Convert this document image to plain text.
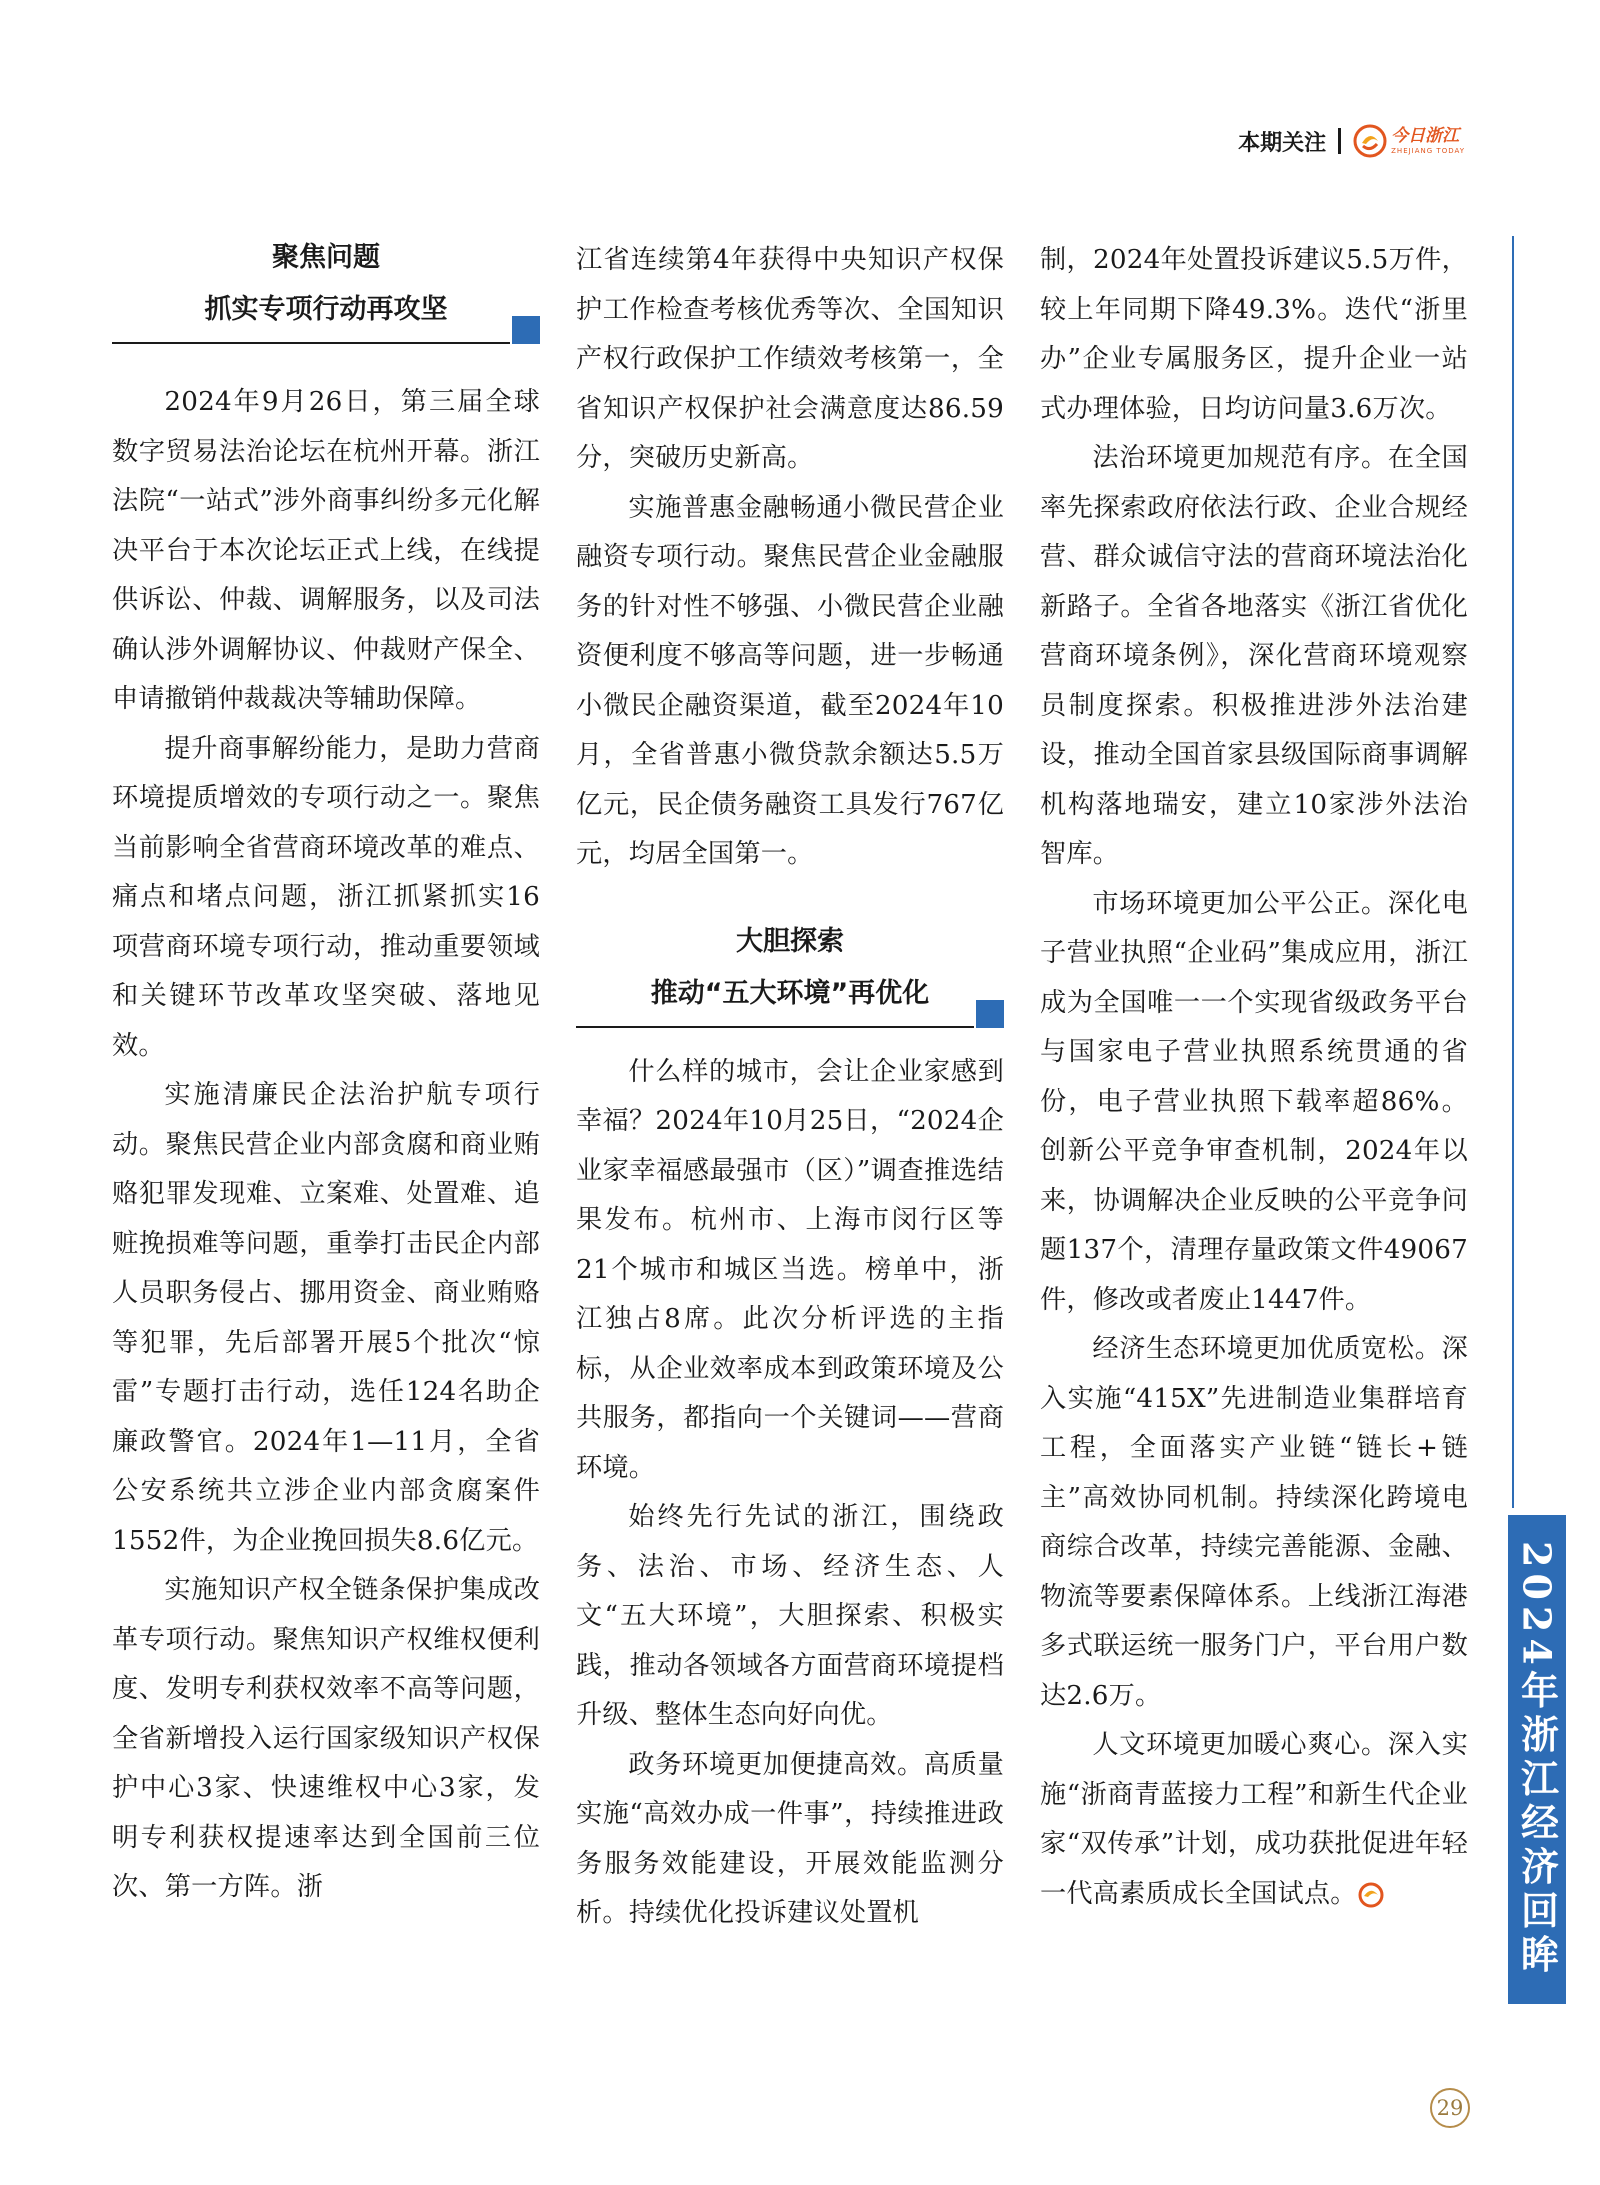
本期关注	今日浙江
ZHEJIANG TODAY
聚焦问题
抓实专项行动再攻坚

2024年9月26日，第三届全球数字贸易法治论坛在杭州开幕。浙江法院“一站式”涉外商事纠纷多元化解决平台于本次论坛正式上线，在线提供诉讼、仲裁、调解服务，以及司法确认涉外调解协议、仲裁财产保全、申请撤销仲裁裁决等辅助保障。

提升商事解纷能力，是助力营商环境提质增效的专项行动之一。聚焦当前影响全省营商环境改革的难点、痛点和堵点问题，浙江抓紧抓实16项营商环境专项行动，推动重要领域和关键环节改革攻坚突破、落地见效。

实施清廉民企法治护航专项行动。聚焦民营企业内部贪腐和商业贿赂犯罪发现难、立案难、处置难、追赃挽损难等问题，重拳打击民企内部人员职务侵占、挪用资金、商业贿赂等犯罪，先后部署开展5个批次“惊雷”专题打击行动，选任124名助企廉政警官。2024年1—11月，全省公安系统共立涉企业内部贪腐案件1552件，为企业挽回损失8.6亿元。

实施知识产权全链条保护集成改革专项行动。聚焦知识产权维权便利度、发明专利获权效率不高等问题，全省新增投入运行国家级知识产权保护中心3家、快速维权中心3家，发明专利获权提速率达到全国前三位次、第一方阵。浙

江省连续第4年获得中央知识产权保护工作检查考核优秀等次、全国知识产权行政保护工作绩效考核第一，全省知识产权保护社会满意度达86.59分，突破历史新高。

实施普惠金融畅通小微民营企业融资专项行动。聚焦民营企业金融服务的针对性不够强、小微民营企业融资便利度不够高等问题，进一步畅通小微民企融资渠道，截至2024年10月，全省普惠小微贷款余额达5.5万亿元，民企债务融资工具发行767亿元，均居全国第一。

大胆探索
推动“五大环境”再优化

什么样的城市，会让企业家感到幸福？2024年10月25日，“2024企业家幸福感最强市（区）”调查推选结果发布。杭州市、上海市闵行区等21个城市和城区当选。榜单中，浙江独占8席。此次分析评选的主指标，从企业效率成本到政策环境及公共服务，都指向一个关键词——营商环境。

始终先行先试的浙江，围绕政务、法治、市场、经济生态、人文“五大环境”，大胆探索、积极实践，推动各领域各方面营商环境提档升级、整体生态向好向优。

政务环境更加便捷高效。高质量实施“高效办成一件事”，持续推进政务服务效能建设，开展效能监测分析。持续优化投诉建议处置机

制，2024年处置投诉建议5.5万件，较上年同期下降49.3%。迭代“浙里办”企业专属服务区，提升企业一站式办理体验，日均访问量3.6万次。

法治环境更加规范有序。在全国率先探索政府依法行政、企业合规经营、群众诚信守法的营商环境法治化新路子。全省各地落实《浙江省优化营商环境条例》，深化营商环境观察员制度探索。积极推进涉外法治建设，推动全国首家县级国际商事调解机构落地瑞安，建立10家涉外法治智库。

市场环境更加公平公正。深化电子营业执照“企业码”集成应用，浙江成为全国唯一一个实现省级政务平台与国家电子营业执照系统贯通的省份，电子营业执照下载率超86%。创新公平竞争审查机制，2024年以来，协调解决企业反映的公平竞争问题137个，清理存量政策文件49067件，修改或者废止1447件。

经济生态环境更加优质宽松。深入实施“415X”先进制造业集群培育工程，全面落实产业链“链长+链主”高效协同机制。持续深化跨境电商综合改革，持续完善能源、金融、物流等要素保障体系。上线浙江海港多式联运统一服务门户，平台用户数达2.6万。

人文环境更加暖心爽心。深入实施“浙商青蓝接力工程”和新生代企业家“双传承”计划，成功获批促进年轻一代高素质成长全国试点。	2024年浙江经济回眸
29
